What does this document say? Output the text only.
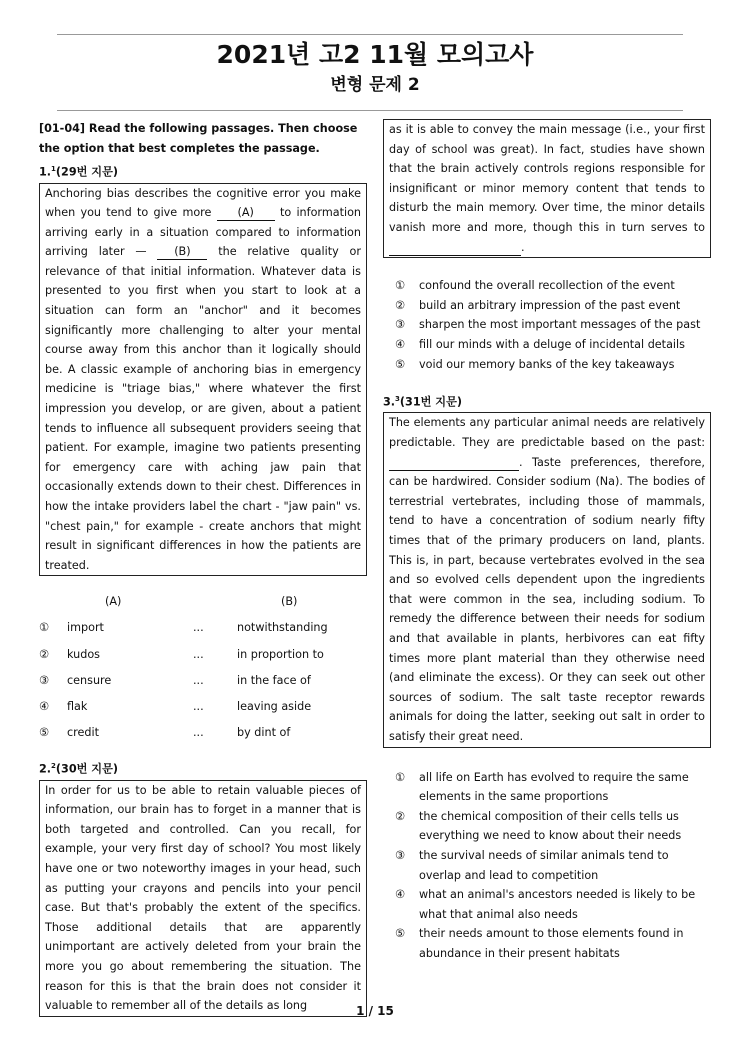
2021년 고2 11월 모의고사
변형 문제 2
[01-04] Read the following passages. Then choose the option that best completes the passage.
1.$^1$(29번 지문)
Anchoring bias describes the cognitive error you make when you tend to give more (A) to information arriving early in a situation compared to information arriving later — (B) the relative quality or relevance of that initial information. Whatever data is presented to you first when you start to look at a situation can form an "anchor" and it becomes significantly more challenging to alter your mental course away from this anchor than it logically should be. A classic example of anchoring bias in emergency medicine is "triage bias," where whatever the first impression you develop, or are given, about a patient tends to influence all subsequent providers seeing that patient. For example, imagine two patients presenting for emergency care with aching jaw pain that occasionally extends down to their chest. Differences in how the intake providers label the chart - "jaw pain" vs. "chest pain," for example - create anchors that might result in significant differences in how the patients are treated.
(A)	(B)
① import	...	notwithstanding
② kudos	...	in proportion to
③ censure	...	in the face of
④ flak	...	leaving aside
⑤ credit	...	by dint of
2.$^2$(30번 지문)
In order for us to be able to retain valuable pieces of information, our brain has to forget in a manner that is both targeted and controlled. Can you recall, for example, your very first day of school? You most likely have one or two noteworthy images in your head, such as putting your crayons and pencils into your pencil case. But that's probably the extent of the specifics. Those additional details that are apparently unimportant are actively deleted from your brain the more you go about remembering the situation. The reason for this is that the brain does not consider it valuable to remember all of the details as long
as it is able to convey the main message (i.e., your first day of school was great). In fact, studies have shown that the brain actively controls regions responsible for insignificant or minor memory content that tends to disturb the main memory. Over time, the minor details vanish more and more, though this in turn serves to  .
① confound the overall recollection of the event
② build an arbitrary impression of the past event
③ sharpen the most important messages of the past
④ fill our minds with a deluge of incidental details
⑤ void our memory banks of the key takeaways
3.$^3$(31번 지문)
The elements any particular animal needs are relatively predictable. They are predictable based on the past:  . Taste preferences, therefore, can be hardwired. Consider sodium (Na). The bodies of terrestrial vertebrates, including those of mammals, tend to have a concentration of sodium nearly fifty times that of the primary producers on land, plants. This is, in part, because vertebrates evolved in the sea and so evolved cells dependent upon the ingredients that were common in the sea, including sodium. To remedy the difference between their needs for sodium and that available in plants, herbivores can eat fifty times more plant material than they otherwise need (and eliminate the excess). Or they can seek out other sources of sodium. The salt taste receptor rewards animals for doing the latter, seeking out salt in order to satisfy their great need.
① all life on Earth has evolved to require the same elements in the same proportions
② the chemical composition of their cells tells us everything we need to know about their needs
③ the survival needs of similar animals tend to overlap and lead to competition
④ what an animal's ancestors needed is likely to be what that animal also needs
⑤ their needs amount to those elements found in abundance in their present habitats
1 / 15
